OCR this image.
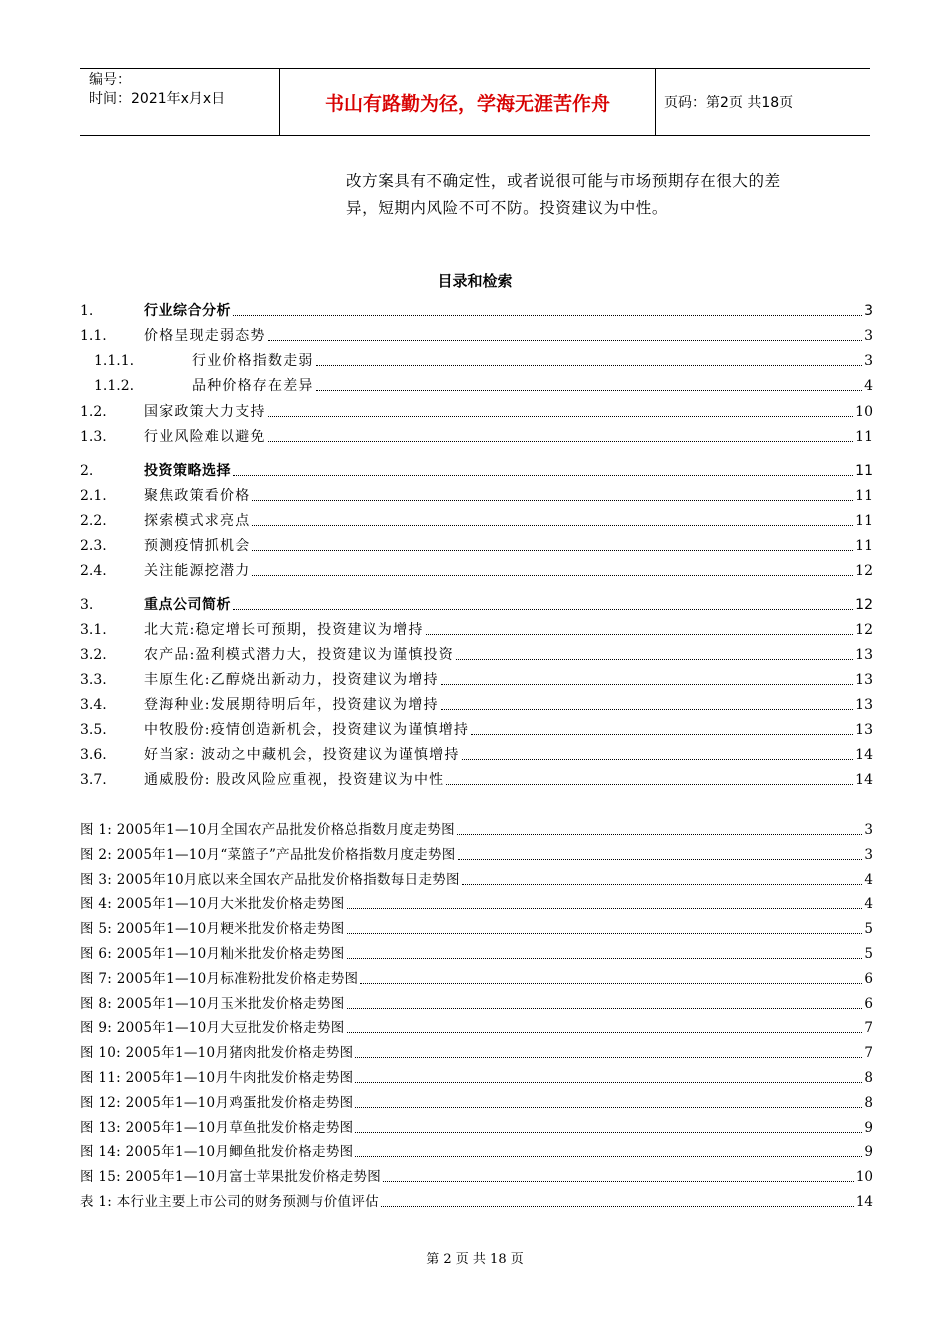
编号：
时间：2021年x月x日	书山有路勤为径，学海无涯苦作舟	页码：第2页 共18页
改方案具有不确定性，或者说很可能与市场预期存在很大的差
异，短期内风险不可不防。投资建议为中性。
目录和检索
1.	行业综合分析	3
1.1.	价格呈现走弱态势	3
1.1.1.	行业价格指数走弱	3
1.1.2.	品种价格存在差异	4
1.2.	国家政策大力支持	10
1.3.	行业风险难以避免	11
2.	投资策略选择	11
2.1.	聚焦政策看价格	11
2.2.	探索模式求亮点	11
2.3.	预测疫情抓机会	11
2.4.	关注能源挖潜力	12
3.	重点公司简析	12
3.1.	北大荒:稳定增长可预期，投资建议为增持	12
3.2.	农产品:盈利模式潜力大，投资建议为谨慎投资	13
3.3.	丰原生化:乙醇烧出新动力，投资建议为增持	13
3.4.	登海种业:发展期待明后年，投资建议为增持	13
3.5.	中牧股份:疫情创造新机会，投资建议为谨慎增持	13
3.6.	好当家: 波动之中藏机会，投资建议为谨慎增持	14
3.7.	通威股份: 股改风险应重视，投资建议为中性	14
图 1: 2005年1—10月全国农产品批发价格总指数月度走势图	3
图 2: 2005年1—10月“菜篮子”产品批发价格指数月度走势图	3
图 3: 2005年10月底以来全国农产品批发价格指数每日走势图	4
图 4: 2005年1—10月大米批发价格走势图	4
图 5: 2005年1—10月粳米批发价格走势图	5
图 6: 2005年1—10月籼米批发价格走势图	5
图 7: 2005年1—10月标准粉批发价格走势图	6
图 8: 2005年1—10月玉米批发价格走势图	6
图 9: 2005年1—10月大豆批发价格走势图	7
图 10: 2005年1—10月猪肉批发价格走势图	7
图 11: 2005年1—10月牛肉批发价格走势图	8
图 12: 2005年1—10月鸡蛋批发价格走势图	8
图 13: 2005年1—10月草鱼批发价格走势图	9
图 14: 2005年1—10月鲫鱼批发价格走势图	9
图 15: 2005年1—10月富士苹果批发价格走势图	10
表 1: 本行业主要上市公司的财务预测与价值评估	14
第 2 页 共 18 页
